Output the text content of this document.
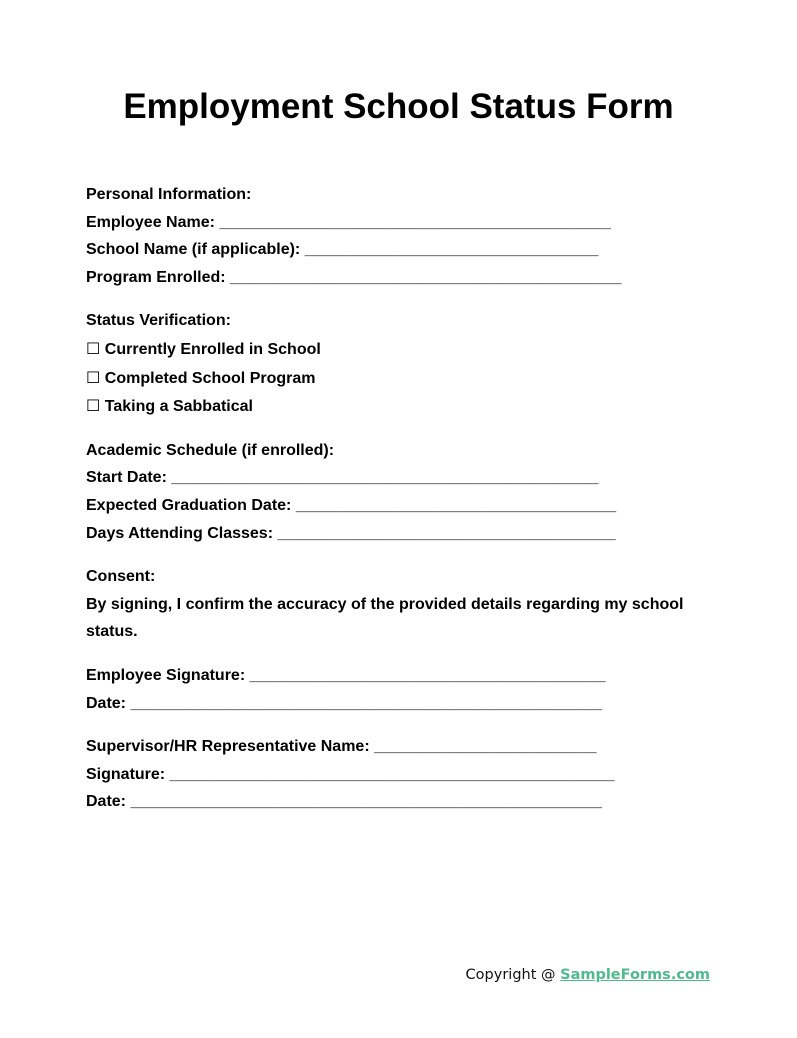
Employment School Status Form
Personal Information:
Employee Name: ____________________________________________
School Name (if applicable): _________________________________
Program Enrolled: ____________________________________________
Status Verification:
☐ Currently Enrolled in School
☐ Completed School Program
☐ Taking a Sabbatical
Academic Schedule (if enrolled):
Start Date: ________________________________________________
Expected Graduation Date: ____________________________________
Days Attending Classes: ______________________________________
Consent:
By signing, I confirm the accuracy of the provided details regarding my school status.
Employee Signature: ________________________________________
Date: _____________________________________________________
Supervisor/HR Representative Name: _________________________
Signature: __________________________________________________
Date: _____________________________________________________
Copyright @ SampleForms.com
